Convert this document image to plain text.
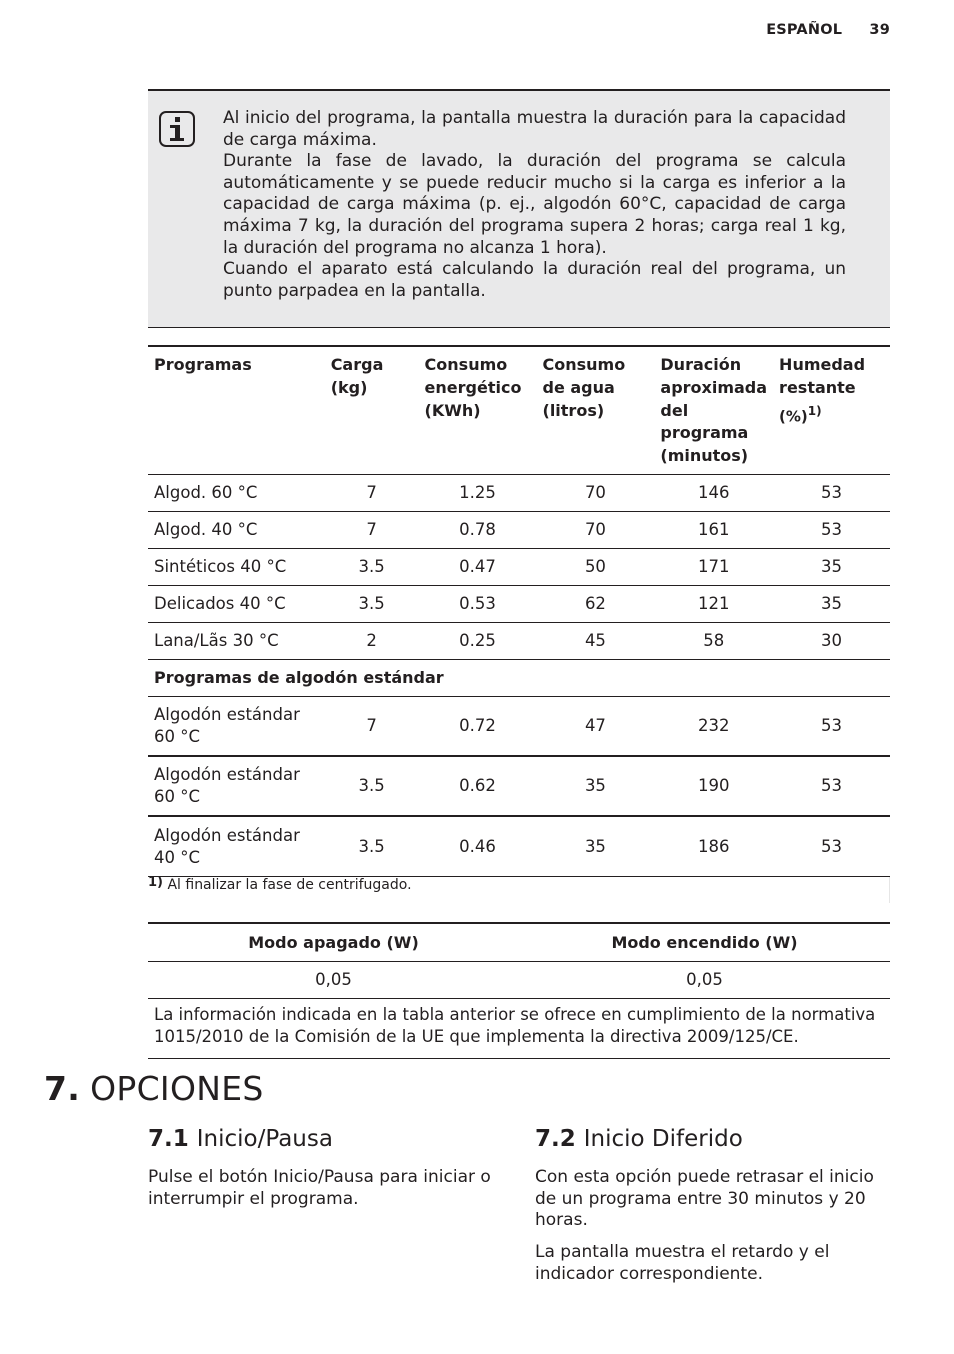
ESPAÑOL 39

Al inicio del programa, la pantalla muestra la duración para la capacidad de carga máxima.

Durante la fase de lavado, la duración del programa se calcula automáticamente y se puede reducir mucho si la carga es inferior a la capacidad de carga máxima (p. ej., algodón 60°C, capacidad de carga máxima 7 kg, la duración del programa supera 2 horas; carga real 1 kg, la duración del programa no alcanza 1 hora).

Cuando el aparato está calculando la duración real del programa, un punto parpadea en la pantalla.

Programas	Carga (kg)	Consumo energético (KWh)	Consumo de agua (litros)	Duración aproximada del programa (minutos)	Humedad restante
(%)$^{1)}$
Algod. 60 °C	7	1.25	70	146	53
Algod. 40 °C	7	0.78	70	161	53
Sintéticos 40 °C	3.5	0.47	50	171	35
Delicados 40 °C	3.5	0.53	62	121	35
Lana/Lãs 30 °C	2	0.25	45	58	30
Programas de algodón estándar					
Algodón estándar 60 °C	7	0.72	47	232	53
Algodón estándar 60 °C	3.5	0.62	35	190	53
Algodón estándar 40 °C	3.5	0.46	35	186	53
1) Al finalizar la fase de centrifugado.
Modo apagado (W)	Modo encendido (W)
0,05	0,05
La información indicada en la tabla anterior se ofrece en cumplimiento de la normativa 1015/2010 de la Comisión de la UE que implementa la directiva 2009/125/CE.	
7. OPCIONES
7.1 Inicio/Pausa

Pulse el botón Inicio/Pausa para iniciar o interrumpir el programa.

7.2 Inicio Diferido

Con esta opción puede retrasar el inicio de un programa entre 30 minutos y 20 horas.

La pantalla muestra el retardo y el indicador correspondiente.
